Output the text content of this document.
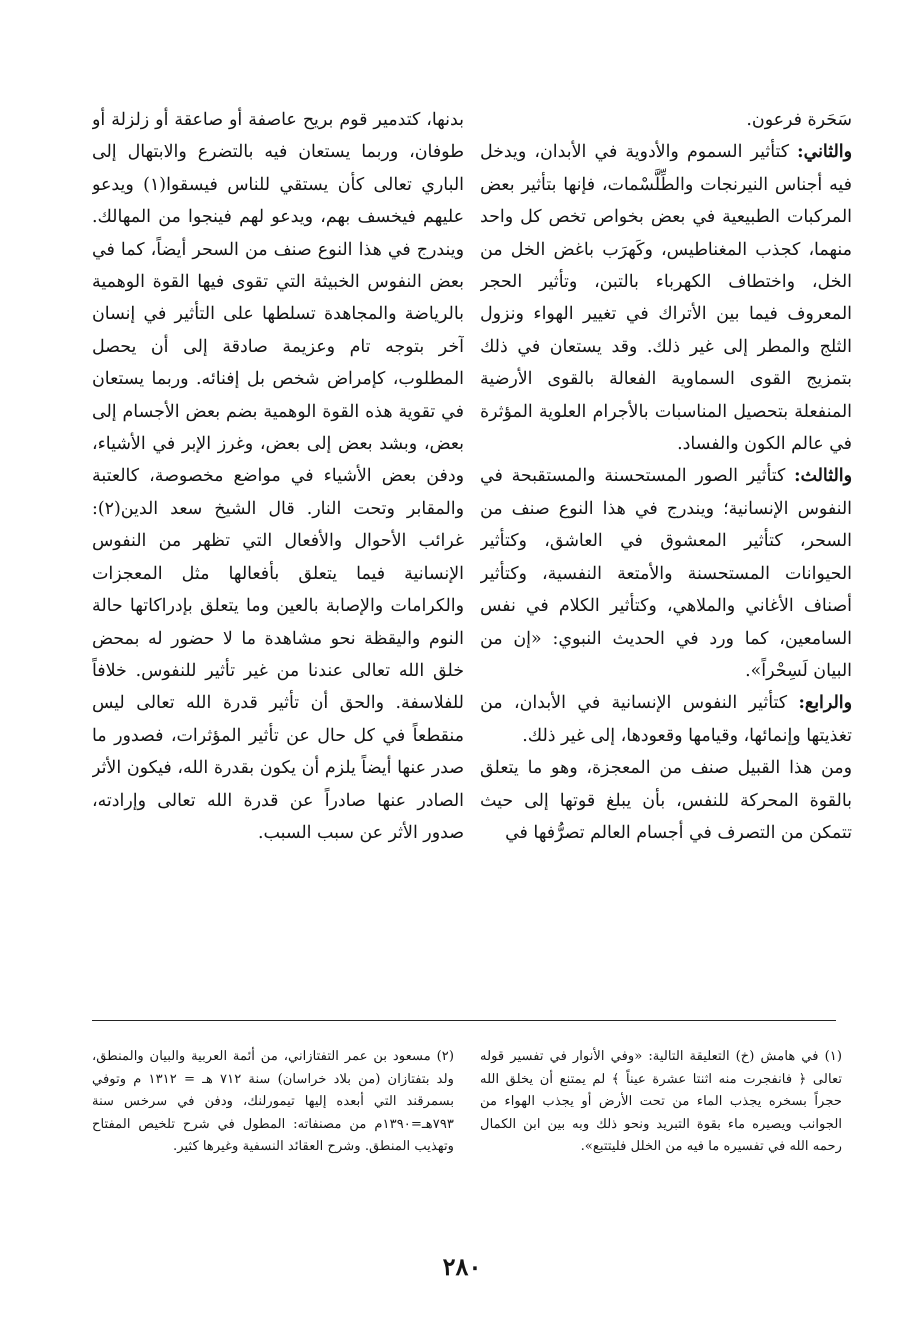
سَحَرة فرعون.

والثاني: كتأثير السموم والأدوية في الأبدان، ويدخل فيه أجناس النيرنجات والطِّلَّسْمات، فإنها بتأثير بعض المركبات الطبيعية في بعض بخواص تخص كل واحد منهما، كجذب المغناطيس، وكَهرَب باغض الخل من الخل، واختطاف الكهرباء بالتبن، وتأثير الحجر المعروف فيما بين الأتراك في تغيير الهواء ونزول الثلج والمطر إلى غير ذلك. وقد يستعان في ذلك بتمزيج القوى السماوية الفعالة بالقوى الأرضية المنفعلة بتحصيل المناسبات بالأجرام العلوية المؤثرة في عالم الكون والفساد.

والثالث: كتأثير الصور المستحسنة والمستقبحة في النفوس الإنسانية؛ ويندرج في هذا النوع صنف من السحر، كتأثير المعشوق في العاشق، وكتأثير الحيوانات المستحسنة والأمتعة النفسية، وكتأثير أصناف الأغاني والملاهي، وكتأثير الكلام في نفس السامعين، كما ورد في الحديث النبوي: «إن من البيان لَسِحْراً».

والرابع: كتأثير النفوس الإنسانية في الأبدان، من تغذيتها وإنمائها، وقيامها وقعودها، إلى غير ذلك.

ومن هذا القبيل صنف من المعجزة، وهو ما يتعلق بالقوة المحركة للنفس، بأن يبلغ قوتها إلى حيث تتمكن من التصرف في أجسام العالم تصرُّفها في

بدنها، كتدمير قوم بريح عاصفة أو صاعقة أو زلزلة أو طوفان، وربما يستعان فيه بالتضرع والابتهال إلى الباري تعالى كأن يستقي للناس فيسقوا(١) ويدعو عليهم فيخسف بهم، ويدعو لهم فينجوا من المهالك. ويندرج في هذا النوع صنف من السحر أيضاً، كما في بعض النفوس الخبيثة التي تقوى فيها القوة الوهمية بالرياضة والمجاهدة تسلطها على التأثير في إنسان آخر بتوجه تام وعزيمة صادقة إلى أن يحصل المطلوب، كإمراض شخص بل إفنائه. وربما يستعان في تقوية هذه القوة الوهمية بضم بعض الأجسام إلى بعض، وبشد بعض إلى بعض، وغرز الإبر في الأشياء، ودفن بعض الأشياء في مواضع مخصوصة، كالعتبة والمقابر وتحت النار. قال الشيخ سعد الدين(٢): غرائب الأحوال والأفعال التي تظهر من النفوس الإنسانية فيما يتعلق بأفعالها مثل المعجزات والكرامات والإصابة بالعين وما يتعلق بإدراكاتها حالة النوم واليقظة نحو مشاهدة ما لا حضور له بمحض خلق الله تعالى عندنا من غير تأثير للنفوس. خلافاً للفلاسفة. والحق أن تأثير قدرة الله تعالى ليس منقطعاً في كل حال عن تأثير المؤثرات، فصدور ما صدر عنها أيضاً يلزم أن يكون بقدرة الله، فيكون الأثر الصادر عنها صادراً عن قدرة الله تعالى وإرادته، صدور الأثر عن سبب السبب.

(١) في هامش (خ) التعليقة التالية: «وفي الأنوار في تفسير قوله تعالى ﴿ فانفجرت منه اثنتا عشرة عيناً ﴾ لم يمتنع أن يخلق الله حجراً بسخره يجذب الماء من تحت الأرض أو يجذب الهواء من الجوانب ويصيره ماء بقوة التبريد ونحو ذلك وبه بين ابن الكمال رحمه الله في تفسيره ما فيه من الخلل فليتتبع».

(٢) مسعود بن عمر التفتازاني، من أئمة العربية والبيان والمنطق، ولد بتفتازان (من بلاد خراسان) سنة ٧١٢ هـ = ١٣١٢ م وتوفي بسمرقند التي أبعده إليها تيمورلنك، ودفن في سرخس سنة ٧٩٣هـ=١٣٩٠م من مصنفاته: المطول في شرح تلخيص المفتاح وتهذيب المنطق. وشرح العقائد النسفية وغيرها كثير.

٢٨٠
